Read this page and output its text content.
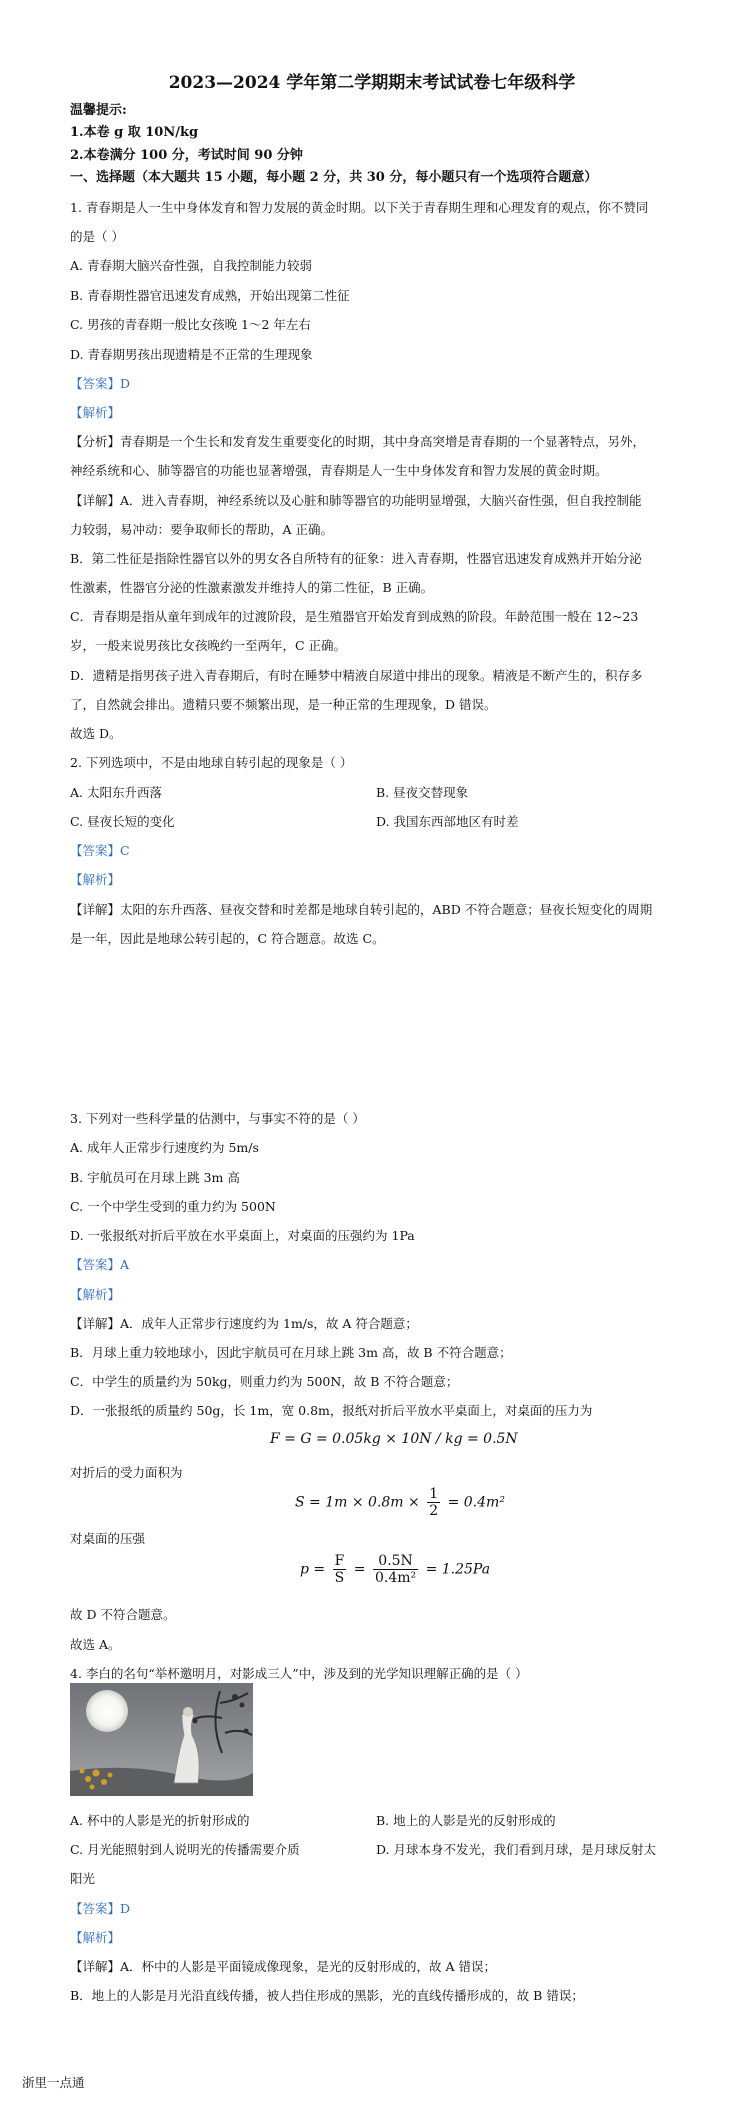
2023—2024 学年第二学期期末考试试卷七年级科学
温馨提示:
1.本卷 g 取 10N/kg
2.本卷满分 100 分，考试时间 90 分钟
一、选择题（本大题共 15 小题，每小题 2 分，共 30 分，每小题只有一个选项符合题意）
1. 青春期是人一生中身体发育和智力发展的黄金时期。以下关于青春期生理和心理发育的观点，你不赞同
的是（ ）
A. 青春期大脑兴奋性强，自我控制能力较弱
B. 青春期性器官迅速发育成熟，开始出现第二性征
C. 男孩的青春期一般比女孩晚 1～2 年左右
D. 青春期男孩出现遗精是不正常的生理现象
【答案】D
【解析】
【分析】青春期是一个生长和发育发生重要变化的时期，其中身高突增是青春期的一个显著特点，另外，
神经系统和心、肺等器官的功能也显著增强，青春期是人一生中身体发育和智力发展的黄金时期。
【详解】A．进入青春期，神经系统以及心脏和肺等器官的功能明显增强，大脑兴奋性强，但自我控制能
力较弱，易冲动：要争取师长的帮助，A 正确。
B．第二性征是指除性器官以外的男女各自所特有的征象：进入青春期，性器官迅速发育成熟并开始分泌
性激素，性器官分泌的性激素激发并维持人的第二性征，B 正确。
C．青春期是指从童年到成年的过渡阶段，是生殖器官开始发育到成熟的阶段。年龄范围一般在 12~23
岁，一般来说男孩比女孩晚约一至两年，C 正确。
D．遗精是指男孩子进入青春期后，有时在睡梦中精液自尿道中排出的现象。精液是不断产生的，积存多
了，自然就会排出。遗精只要不频繁出现，是一种正常的生理现象，D 错误。
故选 D。
2. 下列选项中，不是由地球自转引起的现象是（ ）
A. 太阳东升西落	B. 昼夜交替现象
C. 昼夜长短的变化	D. 我国东西部地区有时差
【答案】C
【解析】
【详解】太阳的东升西落、昼夜交替和时差都是地球自转引起的，ABD 不符合题意；昼夜长短变化的周期
是一年，因此是地球公转引起的，C 符合题意。故选 C。
3. 下列对一些科学量的估测中，与事实不符的是（ ）
A. 成年人正常步行速度约为 5m/s
B. 宇航员可在月球上跳 3m 高
C. 一个中学生受到的重力约为 500N
D. 一张报纸对折后平放在水平桌面上，对桌面的压强约为 1Pa
【答案】A
【解析】
【详解】A．成年人正常步行速度约为 1m/s，故 A 符合题意；
B．月球上重力较地球小，因此宇航员可在月球上跳 3m 高，故 B 不符合题意；
C．中学生的质量约为 50kg，则重力约为 500N，故 B 不符合题意；
D．一张报纸的质量约 50g，长 1m，宽 0.8m，报纸对折后平放水平桌面上，对桌面的压力为
F = G = 0.05kg × 10N / kg = 0.5N
对折后的受力面积为
$S = 1m \times 0.8m \times \frac{1}{2} = 0.4m^2$
对桌面的压强
$p = \frac{F}{S} = \frac{0.5N}{\text{0.4m²}} = 1.25Pa$
故 D 不符合题意。
故选 A。
4. 李白的名句“举杯邀明月，对影成三人”中，涉及到的光学知识理解正确的是（ ）
A. 杯中的人影是光的折射形成的	B. 地上的人影是光的反射形成的
C. 月光能照射到人说明光的传播需要介质	D. 月球本身不发光，我们看到月球，是月球反射太
阳光
【答案】D
【解析】
【详解】A．杯中的人影是平面镜成像现象，是光的反射形成的，故 A 错误；
B．地上的人影是月光沿直线传播，被人挡住形成的黑影，光的直线传播形成的，故 B 错误；
浙里一点通
